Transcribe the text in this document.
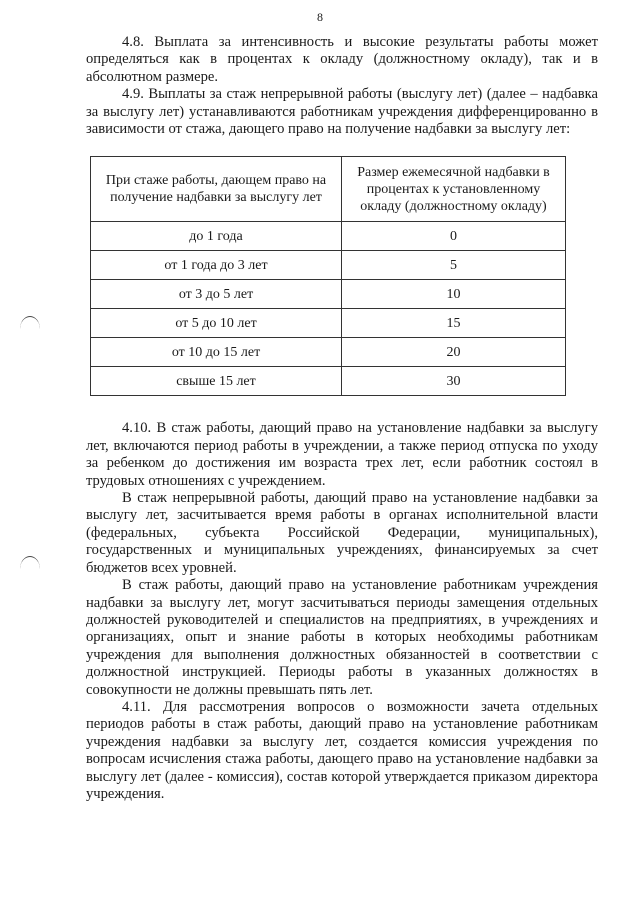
8

4.8. Выплата за интенсивность и высокие результаты работы может определяться как в процентах к окладу (должностному окладу), так и в абсолютном размере.

4.9. Выплаты за стаж непрерывной работы (выслугу лет) (далее – надбавка за выслугу лет) устанавливаются работникам учреждения дифференцированно в зависимости от стажа, дающего право на получение надбавки за выслугу лет:

При стаже работы, дающем право на получение надбавки за выслугу лет	Размер ежемесячной надбавки в процентах к установленному окладу (должностному окладу)
до 1 года	0
от 1 года до 3 лет	5
от 3 до 5 лет	10
от 5 до 10 лет	15
от 10 до 15 лет	20
свыше 15 лет	30

4.10. В стаж работы, дающий право на установление надбавки за выслугу лет, включаются период работы в учреждении, а также период отпуска по уходу за ребенком до достижения им возраста трех лет, если работник состоял в трудовых отношениях с учреждением.

В стаж непрерывной работы, дающий право на установление надбавки за выслугу лет, засчитывается время работы в органах исполнительной власти (федеральных, субъекта Российской Федерации, муниципальных), государственных и муниципальных учреждениях, финансируемых за счет бюджетов всех уровней.

В стаж работы, дающий право на установление работникам учреждения надбавки за выслугу лет, могут засчитываться периоды замещения отдельных должностей руководителей и специалистов на предприятиях, в учреждениях и организациях, опыт и знание работы в которых необходимы работникам учреждения для выполнения должностных обязанностей в соответствии с должностной инструкцией. Периоды работы в указанных должностях в совокупности не должны превышать пять лет.

4.11. Для рассмотрения вопросов о возможности зачета отдельных периодов работы в стаж работы, дающий право на установление работникам учреждения надбавки за выслугу лет, создается комиссия учреждения по вопросам исчисления стажа работы, дающего право на установление надбавки за выслугу лет (далее - комиссия), состав которой утверждается приказом директора учреждения.
